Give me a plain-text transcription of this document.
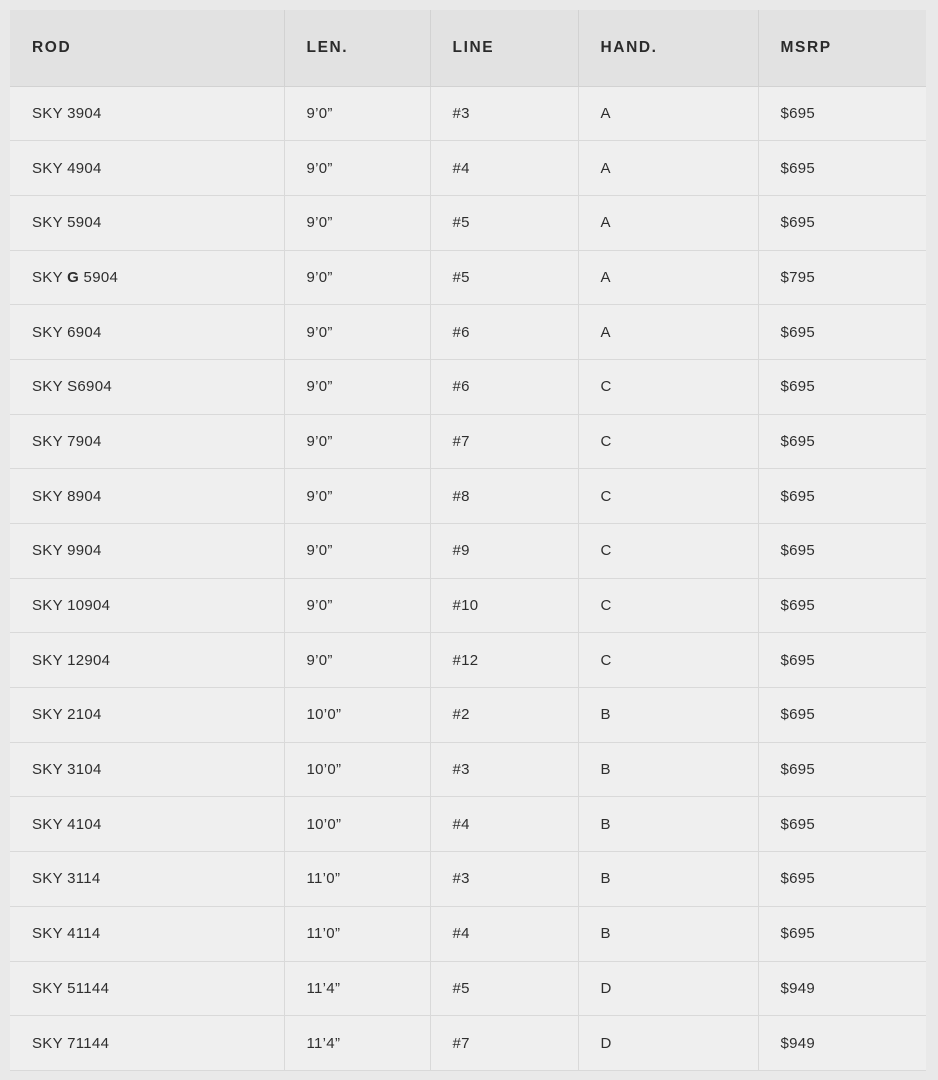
ROD	LEN.	LINE	HAND.	MSRP
SKY 3904	9’0”	#3	A	$695
SKY 4904	9’0”	#4	A	$695
SKY 5904	9’0”	#5	A	$695
SKY G 5904	9’0”	#5	A	$795
SKY 6904	9’0”	#6	A	$695
SKY S6904	9’0”	#6	C	$695
SKY 7904	9’0”	#7	C	$695
SKY 8904	9’0”	#8	C	$695
SKY 9904	9’0”	#9	C	$695
SKY 10904	9’0”	#10	C	$695
SKY 12904	9’0”	#12	C	$695
SKY 2104	10’0”	#2	B	$695
SKY 3104	10’0”	#3	B	$695
SKY 4104	10’0”	#4	B	$695
SKY 3114	11’0”	#3	B	$695
SKY 4114	11’0”	#4	B	$695
SKY 51144	11’4”	#5	D	$949
SKY 71144	11’4”	#7	D	$949
